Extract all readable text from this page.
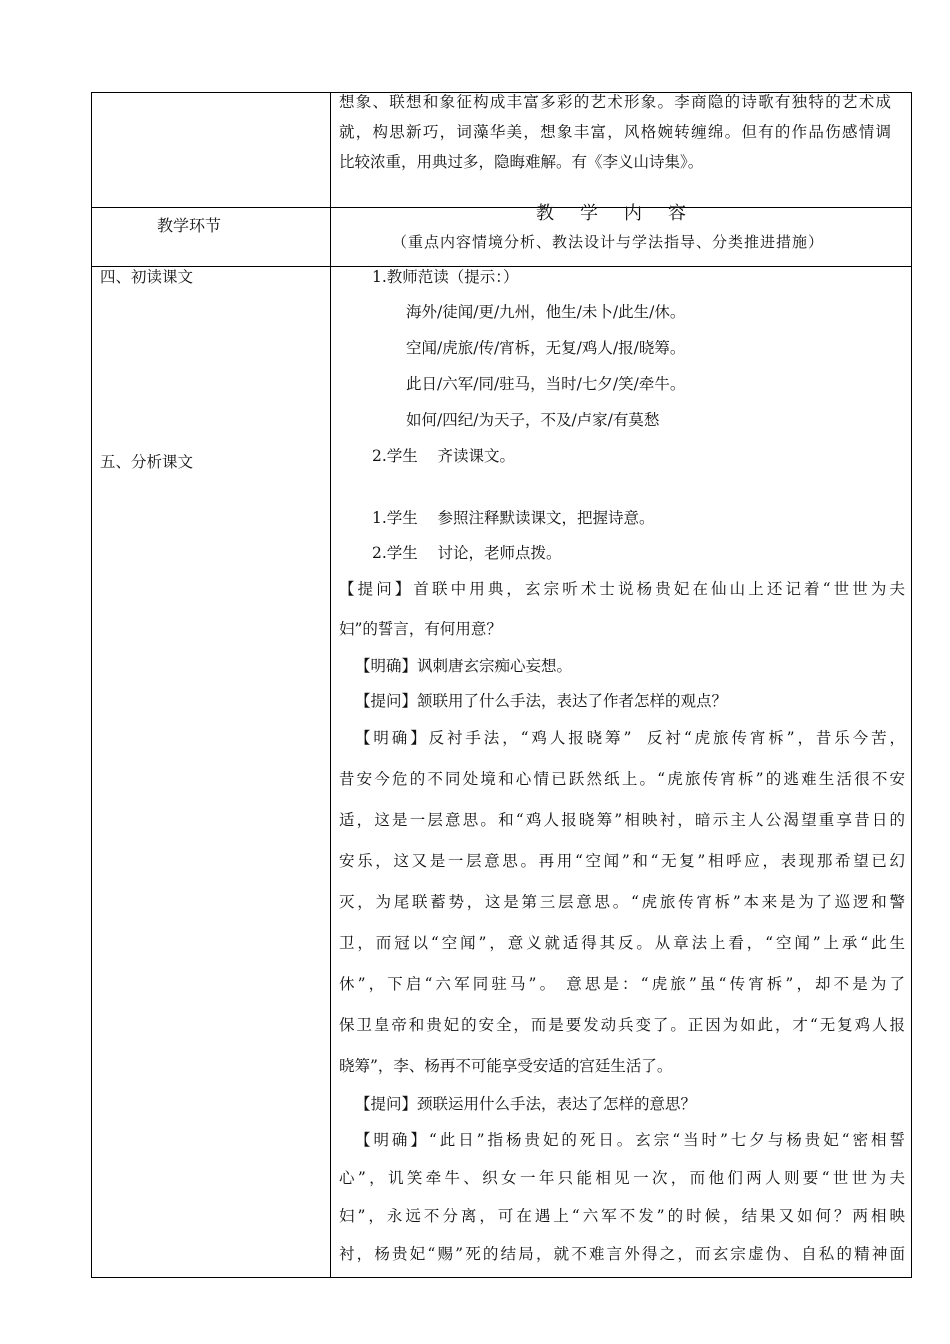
想象、联想和象征构成丰富多彩的艺术形象。李商隐的诗歌有独特的艺术成
就，构思新巧，词藻华美，想象丰富，风格婉转缠绵。但有的作品伤感情调
比较浓重，用典过多，隐晦难解。有《李义山诗集》。
教学环节
教学内容
（重点内容情境分析、教法设计与学法指导、分类推进措施）
四、初读课文
五、分析课文
1.教师范读（提示：）
海外/徒闻/更/九州，他生/未卜/此生/休。
空闻/虎旅/传/宵柝，无复/鸡人/报/晓筹。
此日/六军/同/驻马，当时/七夕/笑/牵牛。
如何/四纪/为天子，不及/卢家/有莫愁
2.学生    齐读课文。
1.学生    参照注释默读课文，把握诗意。
2.学生    讨论，老师点拨。
【提问】首联中用典，玄宗听术士说杨贵妃在仙山上还记着“世世为夫
妇”的誓言，有何用意？
【明确】讽刺唐玄宗痴心妄想。
【提问】颔联用了什么手法，表达了作者怎样的观点？
【明确】反衬手法，“鸡人报晓筹”  反衬“虎旅传宵柝”，昔乐今苦，
昔安今危的不同处境和心情已跃然纸上。“虎旅传宵柝”的逃难生活很不安
适，这是一层意思。和“鸡人报晓筹”相映衬，暗示主人公渴望重享昔日的
安乐，这又是一层意思。再用“空闻”和“无复”相呼应，表现那希望已幻
灭，为尾联蓄势，这是第三层意思。“虎旅传宵柝”本来是为了巡逻和警
卫，而冠以“空闻”，意义就适得其反。从章法上看，“空闻”上承“此生
休”，下启“六军同驻马”。 意思是：“虎旅”虽“传宵柝”，却不是为了
保卫皇帝和贵妃的安全，而是要发动兵变了。正因为如此，才“无复鸡人报
晓筹”，李、杨再不可能享受安适的宫廷生活了。
【提问】颈联运用什么手法，表达了怎样的意思？
【明确】“此日”指杨贵妃的死日。玄宗“当时”七夕与杨贵妃“密相誓
心”，讥笑牵牛、织女一年只能相见一次，而他们两人则要“世世为夫
妇”，永远不分离，可在遇上“六军不发”的时候，结果又如何？两相映
衬，杨贵妃“赐”死的结局，就不难言外得之，而玄宗虚伪、自私的精神面
